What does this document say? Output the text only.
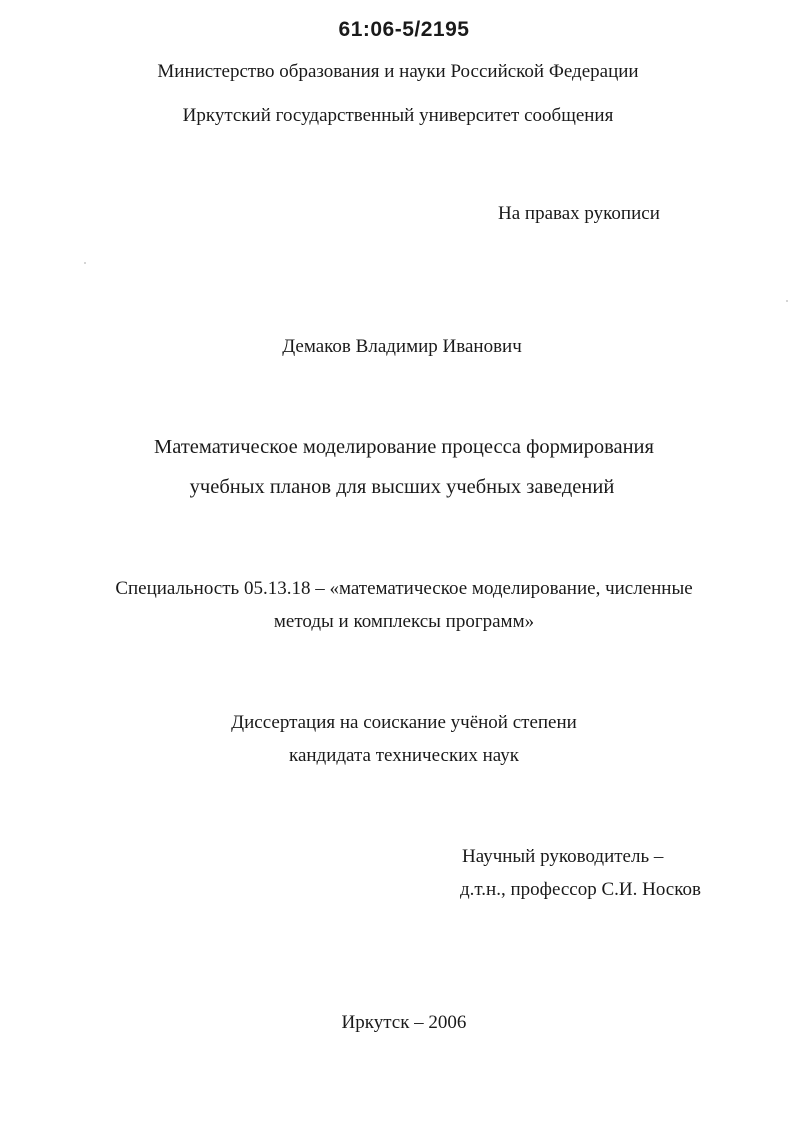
61:06-5/2195
Министерство образования и науки Российской Федерации
Иркутский государственный университет сообщения
На правах рукописи
Демаков Владимир Иванович
Математическое моделирование процесса формирования
учебных планов для высших учебных заведений
Специальность 05.13.18 – «математическое моделирование, численные
методы и комплексы программ»
Диссертация на соискание учёной степени
кандидата технических наук
Научный руководитель –
д.т.н., профессор С.И. Носков
Иркутск – 2006
